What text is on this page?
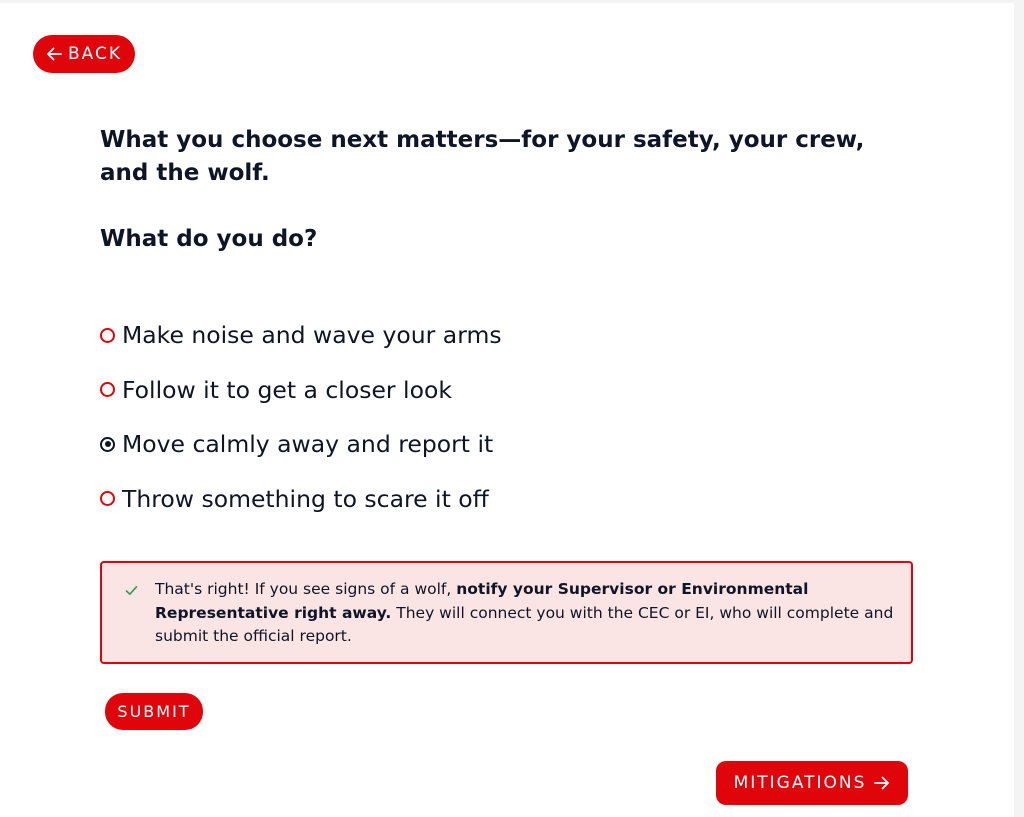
BACK

What you choose next matters—for your safety, your crew, and the wolf.

What do you do?

Make noise and wave your arms
Follow it to get a closer look
Move calmly away and report it
Throw something to scare it off
That's right! If you see signs of a wolf, notify your Supervisor or Environmental Representative right away. They will connect you with the CEC or EI, who will complete and submit the official report.
SUBMIT
MITIGATIONS
